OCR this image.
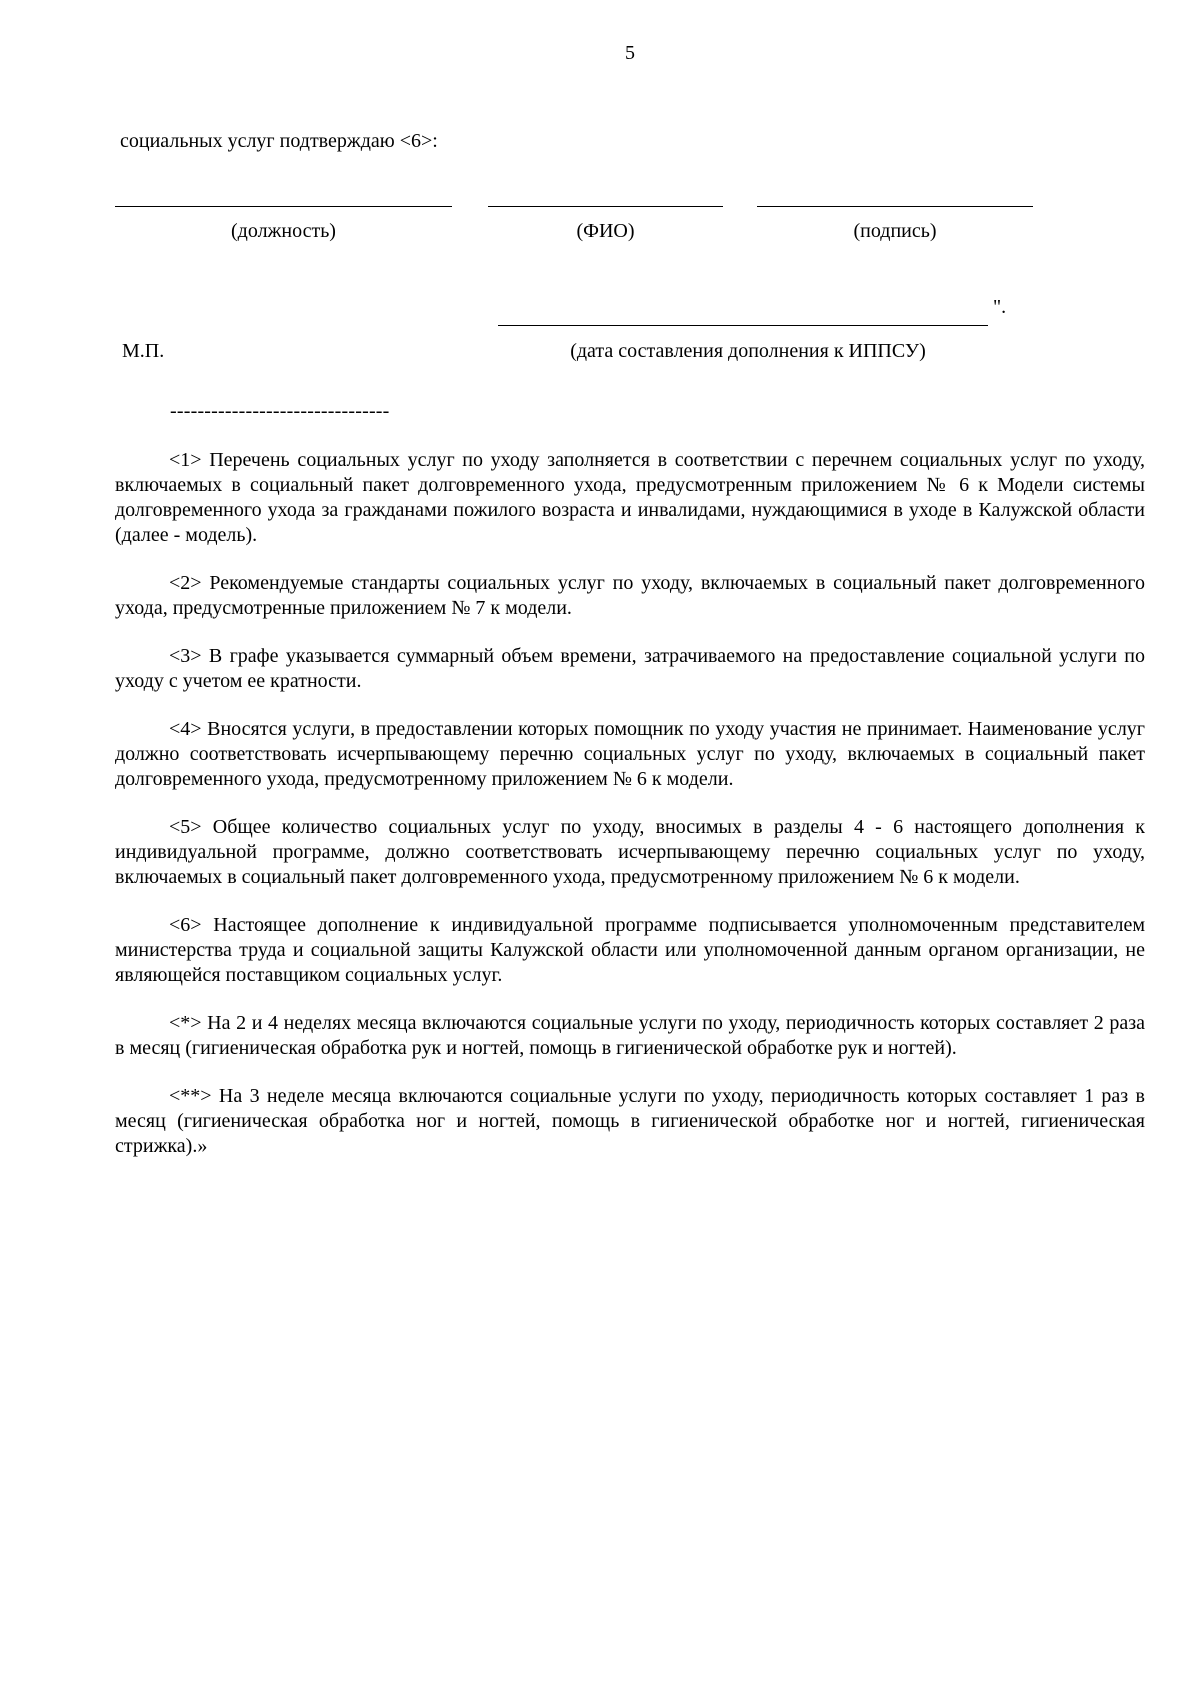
5
социальных услуг подтверждаю <6>:
(должность)	(ФИО)	(подпись)
".
М.П.	(дата составления дополнения к ИППСУ)
--------------------------------

<1> Перечень социальных услуг по уходу заполняется в соответствии с перечнем социальных услуг по уходу, включаемых в социальный пакет долговременного ухода, предусмотренным приложением № 6 к Модели системы долговременного ухода за гражданами пожилого возраста и инвалидами, нуждающимися в уходе в Калужской области (далее - модель).

<2> Рекомендуемые стандарты социальных услуг по уходу, включаемых в социальный пакет долговременного ухода, предусмотренные приложением № 7 к модели.

<3> В графе указывается суммарный объем времени, затрачиваемого на предоставление социальной услуги по уходу с учетом ее кратности.

<4> Вносятся услуги, в предоставлении которых помощник по уходу участия не принимает. Наименование услуг должно соответствовать исчерпывающему перечню социальных услуг по уходу, включаемых в социальный пакет долговременного ухода, предусмотренному приложением № 6 к модели.

<5> Общее количество социальных услуг по уходу, вносимых в разделы 4 - 6 настоящего дополнения к индивидуальной программе, должно соответствовать исчерпывающему перечню социальных услуг по уходу, включаемых в социальный пакет долговременного ухода, предусмотренному приложением № 6 к модели.

<6> Настоящее дополнение к индивидуальной программе подписывается уполномоченным представителем министерства труда и социальной защиты Калужской области или уполномоченной данным органом организации, не являющейся поставщиком социальных услуг.

<*> На 2 и 4 неделях месяца включаются социальные услуги по уходу, периодичность которых составляет 2 раза в месяц (гигиеническая обработка рук и ногтей, помощь в гигиенической обработке рук и ногтей).

<**> На 3 неделе месяца включаются социальные услуги по уходу, периодичность которых составляет 1 раз в месяц (гигиеническая обработка ног и ногтей, помощь в гигиенической обработке ног и ногтей, гигиеническая стрижка).»
